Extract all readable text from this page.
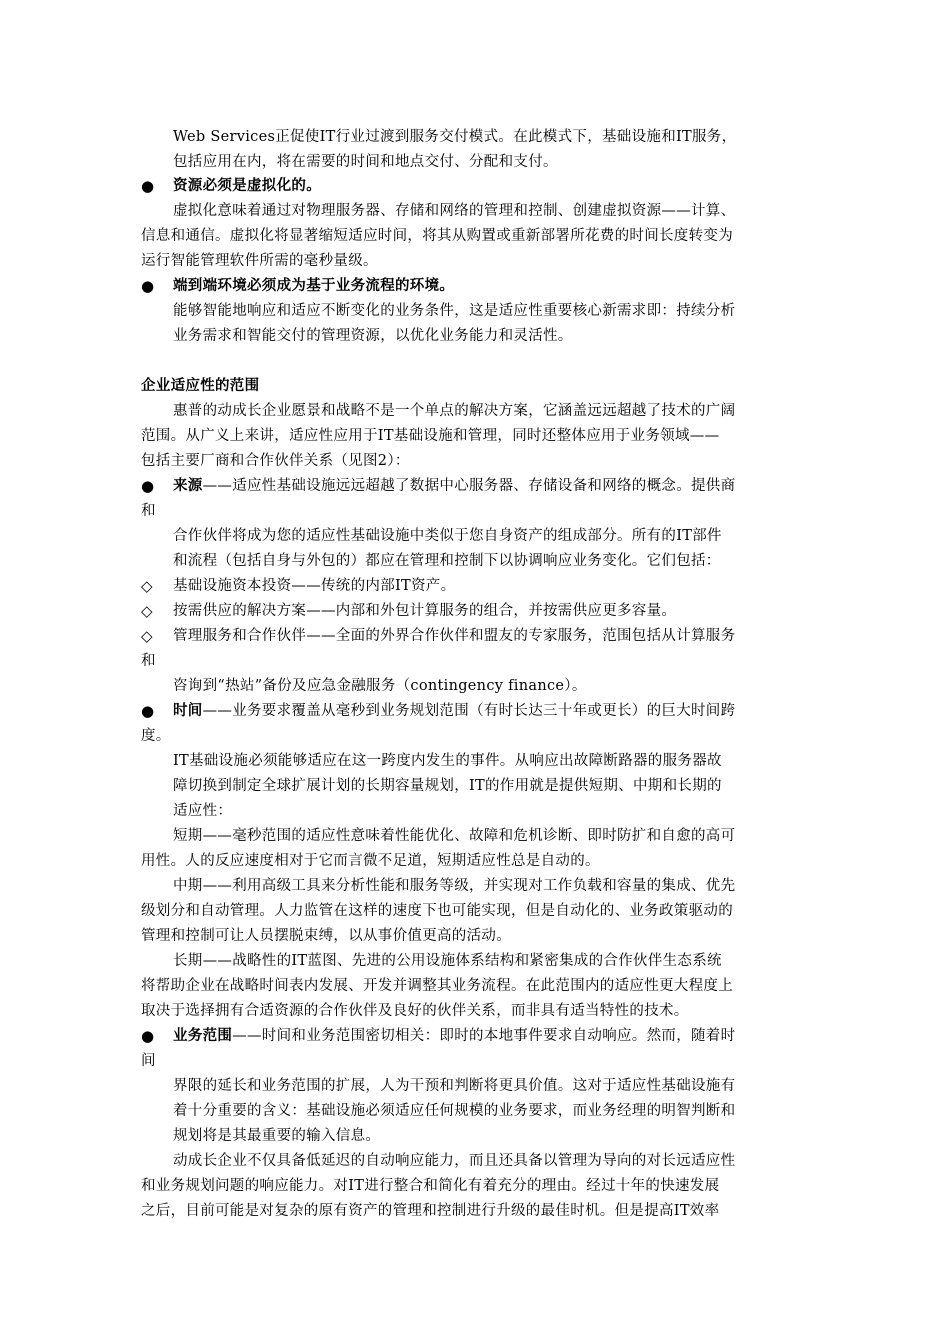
Web Services正促使IT行业过渡到服务交付模式。在此模式下，基础设施和IT服务，
包括应用在内，将在需要的时间和地点交付、分配和支付。
● 资源必须是虚拟化的。
虚拟化意味着通过对物理服务器、存储和网络的管理和控制、创建虚拟资源——计算、
信息和通信。虚拟化将显著缩短适应时间，将其从购置或重新部署所花费的时间长度转变为
运行智能管理软件所需的毫秒量级。
● 端到端环境必须成为基于业务流程的环境。
能够智能地响应和适应不断变化的业务条件，这是适应性重要核心新需求即：持续分析
业务需求和智能交付的管理资源，以优化业务能力和灵活性。
企业适应性的范围
惠普的动成长企业愿景和战略不是一个单点的解决方案，它涵盖远远超越了技术的广阔
范围。从广义上来讲，适应性应用于IT基础设施和管理，同时还整体应用于业务领域——
包括主要厂商和合作伙伴关系（见图2）：
● 来源——适应性基础设施远远超越了数据中心服务器、存储设备和网络的概念。提供商
和
合作伙伴将成为您的适应性基础设施中类似于您自身资产的组成部分。所有的IT部件
和流程（包括自身与外包的）都应在管理和控制下以协调响应业务变化。它们包括：
◇ 基础设施资本投资——传统的内部IT资产。
◇ 按需供应的解决方案——内部和外包计算服务的组合，并按需供应更多容量。
◇ 管理服务和合作伙伴——全面的外界合作伙伴和盟友的专家服务，范围包括从计算服务
和
咨询到“热站”备份及应急金融服务（contingency finance）。
● 时间——业务要求覆盖从毫秒到业务规划范围（有时长达三十年或更长）的巨大时间跨
度。
IT基础设施必须能够适应在这一跨度内发生的事件。从响应出故障断路器的服务器故
障切换到制定全球扩展计划的长期容量规划，IT的作用就是提供短期、中期和长期的
适应性：
短期——毫秒范围的适应性意味着性能优化、故障和危机诊断、即时防扩和自愈的高可
用性。人的反应速度相对于它而言微不足道，短期适应性总是自动的。
中期——利用高级工具来分析性能和服务等级，并实现对工作负载和容量的集成、优先
级划分和自动管理。人力监管在这样的速度下也可能实现，但是自动化的、业务政策驱动的
管理和控制可让人员摆脱束缚，以从事价值更高的活动。
长期——战略性的IT蓝图、先进的公用设施体系结构和紧密集成的合作伙伴生态系统
将帮助企业在战略时间表内发展、开发并调整其业务流程。在此范围内的适应性更大程度上
取决于选择拥有合适资源的合作伙伴及良好的伙伴关系，而非具有适当特性的技术。
● 业务范围——时间和业务范围密切相关：即时的本地事件要求自动响应。然而，随着时
间
界限的延长和业务范围的扩展，人为干预和判断将更具价值。这对于适应性基础设施有
着十分重要的含义：基础设施必须适应任何规模的业务要求，而业务经理的明智判断和
规划将是其最重要的输入信息。
动成长企业不仅具备低延迟的自动响应能力，而且还具备以管理为导向的对长远适应性
和业务规划问题的响应能力。对IT进行整合和简化有着充分的理由。经过十年的快速发展
之后，目前可能是对复杂的原有资产的管理和控制进行升级的最佳时机。但是提高IT效率
